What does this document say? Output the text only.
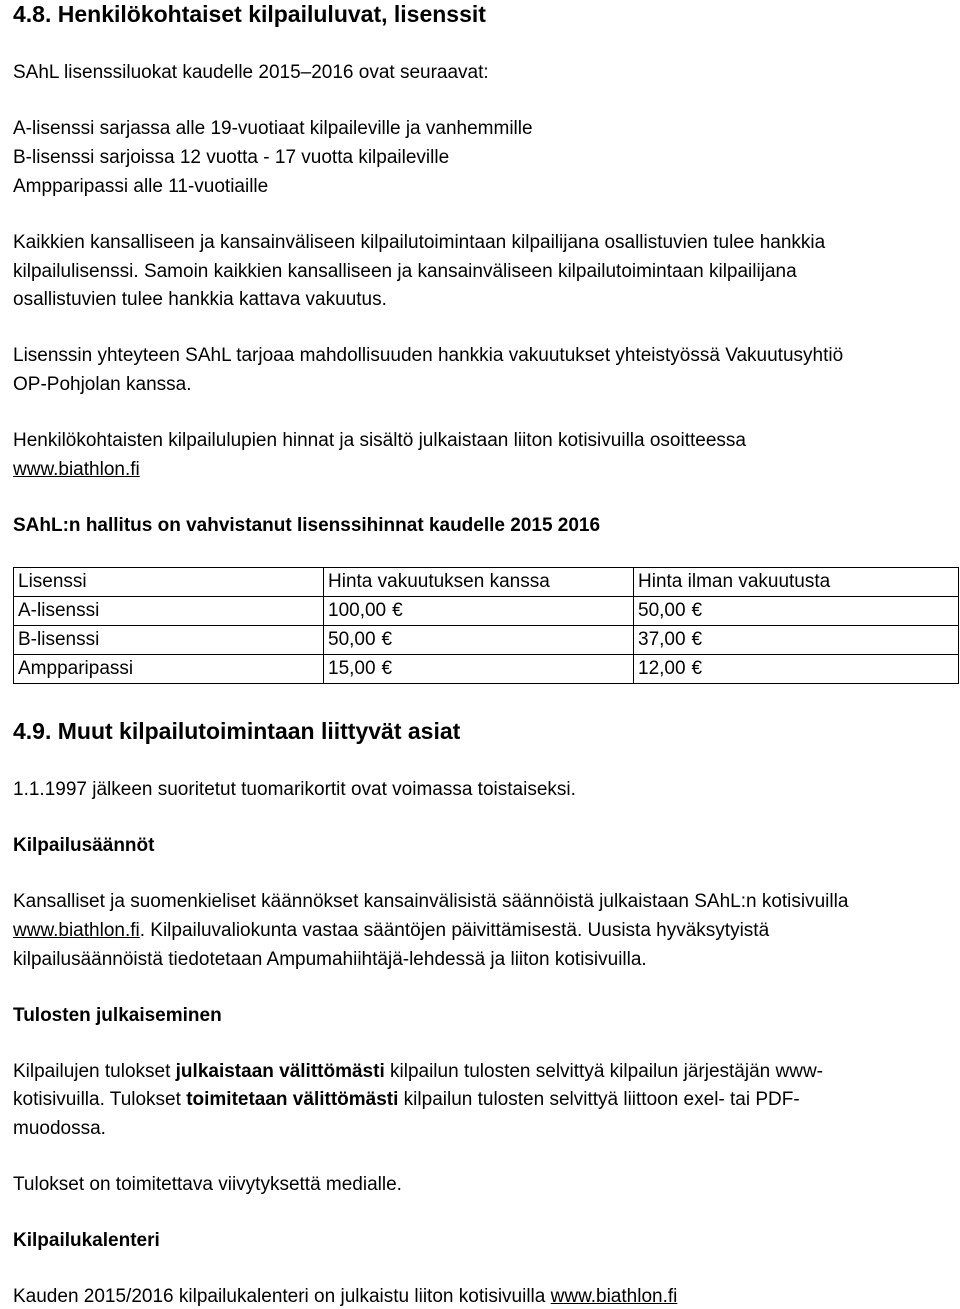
4.8. Henkilökohtaiset kilpailuluvat, lisenssit
SAhL lisenssiluokat kaudelle 2015–2016 ovat seuraavat:
A-lisenssi sarjassa alle 19-vuotiaat kilpaileville ja vanhemmille
B-lisenssi sarjoissa 12 vuotta - 17 vuotta kilpaileville
Ampparipassi alle 11-vuotiaille
Kaikkien kansalliseen ja kansainväliseen kilpailutoimintaan kilpailijana osallistuvien tulee hankkia
kilpailulisenssi. Samoin kaikkien kansalliseen ja kansainväliseen kilpailutoimintaan kilpailijana
osallistuvien tulee hankkia kattava vakuutus.
Lisenssin yhteyteen SAhL tarjoaa mahdollisuuden hankkia vakuutukset yhteistyössä Vakuutusyhtiö
OP-Pohjolan kanssa.
Henkilökohtaisten kilpailulupien hinnat ja sisältö julkaistaan liiton kotisivuilla osoitteessa
www.biathlon.fi
SAhL:n hallitus on vahvistanut lisenssihinnat kaudelle 2015 2016
Lisenssi	Hinta vakuutuksen kanssa	Hinta ilman vakuutusta
A-lisenssi	100,00 €	50,00 €
B-lisenssi	50,00 €	37,00 €
Ampparipassi	15,00 €	12,00 €
4.9. Muut kilpailutoimintaan liittyvät asiat
1.1.1997 jälkeen suoritetut tuomarikortit ovat voimassa toistaiseksi.
Kilpailusäännöt
Kansalliset ja suomenkieliset käännökset kansainvälisistä säännöistä julkaistaan SAhL:n kotisivuilla
www.biathlon.fi. Kilpailuvaliokunta vastaa sääntöjen päivittämisestä. Uusista hyväksytyistä
kilpailusäännöistä tiedotetaan Ampumahiihtäjä-lehdessä ja liiton kotisivuilla.
Tulosten julkaiseminen
Kilpailujen tulokset julkaistaan välittömästi kilpailun tulosten selvittyä kilpailun järjestäjän www-
kotisivuilla. Tulokset toimitetaan välittömästi kilpailun tulosten selvittyä liittoon exel- tai PDF-
muodossa.
Tulokset on toimitettava viivytyksettä medialle.
Kilpailukalenteri
Kauden 2015/2016 kilpailukalenteri on julkaistu liiton kotisivuilla www.biathlon.fi
